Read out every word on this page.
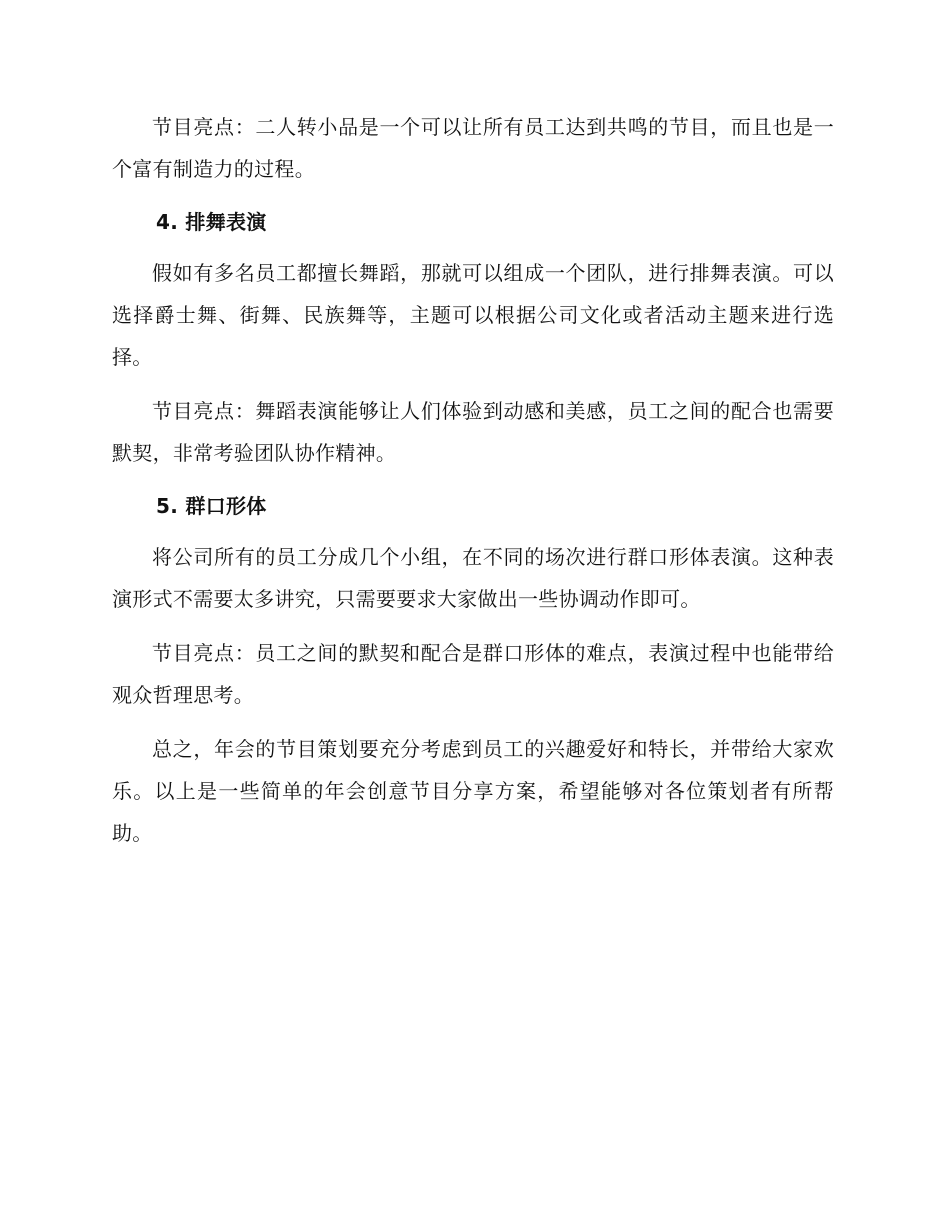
节目亮点：二人转小品是一个可以让所有员工达到共鸣的节目，而且也是一个富有制造力的过程。

4. 排舞表演

假如有多名员工都擅长舞蹈，那就可以组成一个团队，进行排舞表演。可以选择爵士舞、街舞、民族舞等，主题可以根据公司文化或者活动主题来进行选择。

节目亮点：舞蹈表演能够让人们体验到动感和美感，员工之间的配合也需要默契，非常考验团队协作精神。

5. 群口形体

将公司所有的员工分成几个小组，在不同的场次进行群口形体表演。这种表演形式不需要太多讲究，只需要要求大家做出一些协调动作即可。

节目亮点：员工之间的默契和配合是群口形体的难点，表演过程中也能带给观众哲理思考。

总之，年会的节目策划要充分考虑到员工的兴趣爱好和特长，并带给大家欢乐。以上是一些简单的年会创意节目分享方案，希望能够对各位策划者有所帮助。
